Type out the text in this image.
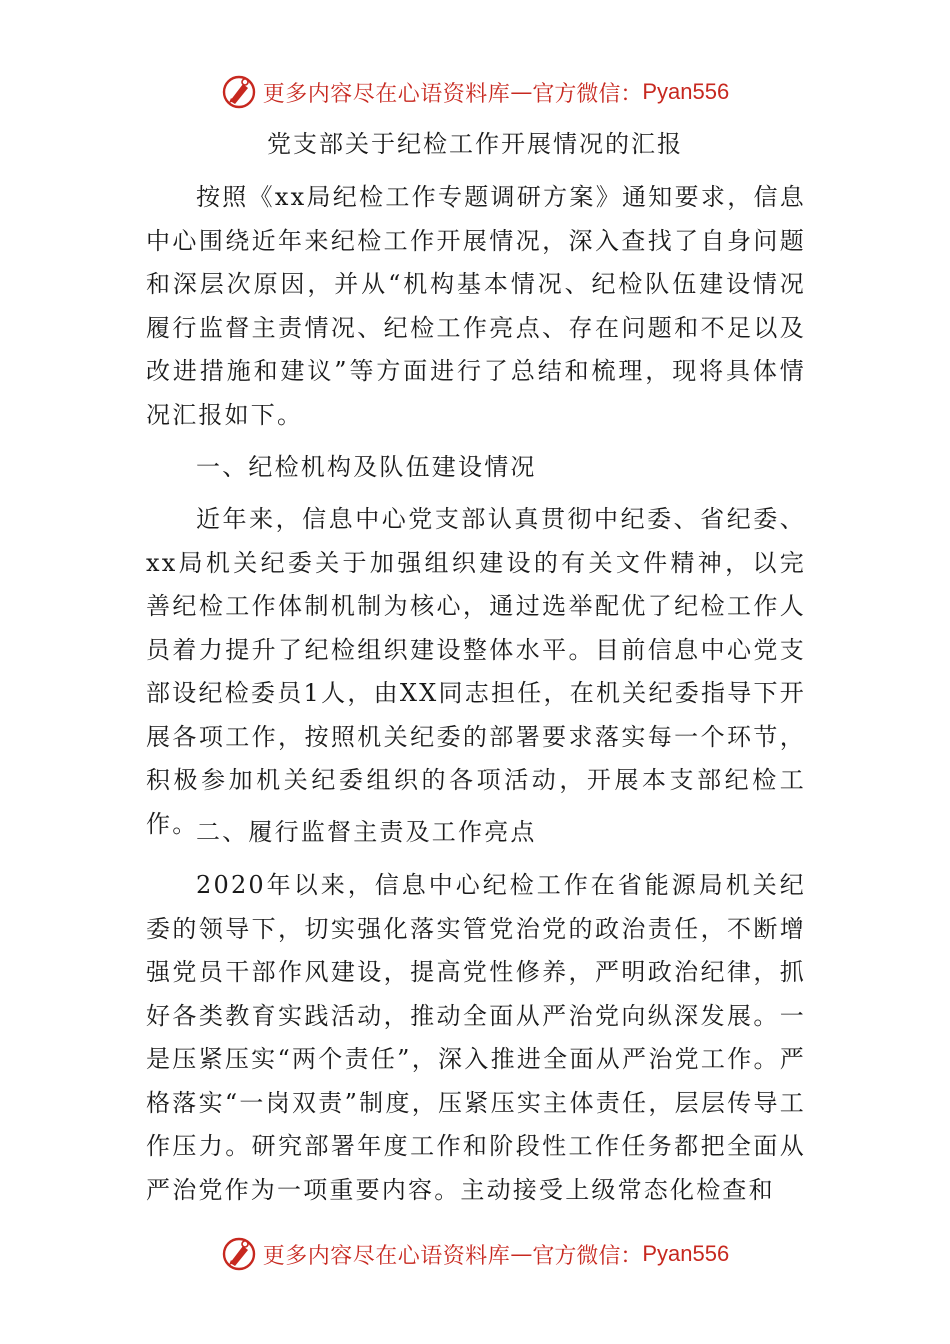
更多内容尽在心语资料库 — 官方微信： Pyan556
党支部关于纪检工作开展情况的汇报

按照《xx局纪检工作专题调研方案》通知要求，信息中心围绕近年来纪检工作开展情况，深入查找了自身问题和深层次原因，并从“机构基本情况、纪检队伍建设情况履行监督主责情况、纪检工作亮点、存在问题和不足以及改进措施和建议”等方面进行了总结和梳理，现将具体情况汇报如下。

一、纪检机构及队伍建设情况

近年来，信息中心党支部认真贯彻中纪委、省纪委、xx局机关纪委关于加强组织建设的有关文件精神，以完善纪检工作体制机制为核心，通过选举配优了纪检工作人员着力提升了纪检组织建设整体水平。目前信息中心党支部设纪检委员1人，由XX同志担任，在机关纪委指导下开展各项工作，按照机关纪委的部署要求落实每一个环节，积极参加机关纪委组织的各项活动，开展本支部纪检工作。

二、履行监督主责及工作亮点

2020年以来，信息中心纪检工作在省能源局机关纪委的领导下，切实强化落实管党治党的政治责任，不断增强党员干部作风建设，提高党性修养，严明政治纪律，抓好各类教育实践活动，推动全面从严治党向纵深发展。一是压紧压实“两个责任”，深入推进全面从严治党工作。严格落实“一岗双责”制度，压紧压实主体责任，层层传导工作压力。研究部署年度工作和阶段性工作任务都把全面从严治党作为一项重要内容。主动接受上级常态化检查和

更多内容尽在心语资料库 — 官方微信： Pyan556
